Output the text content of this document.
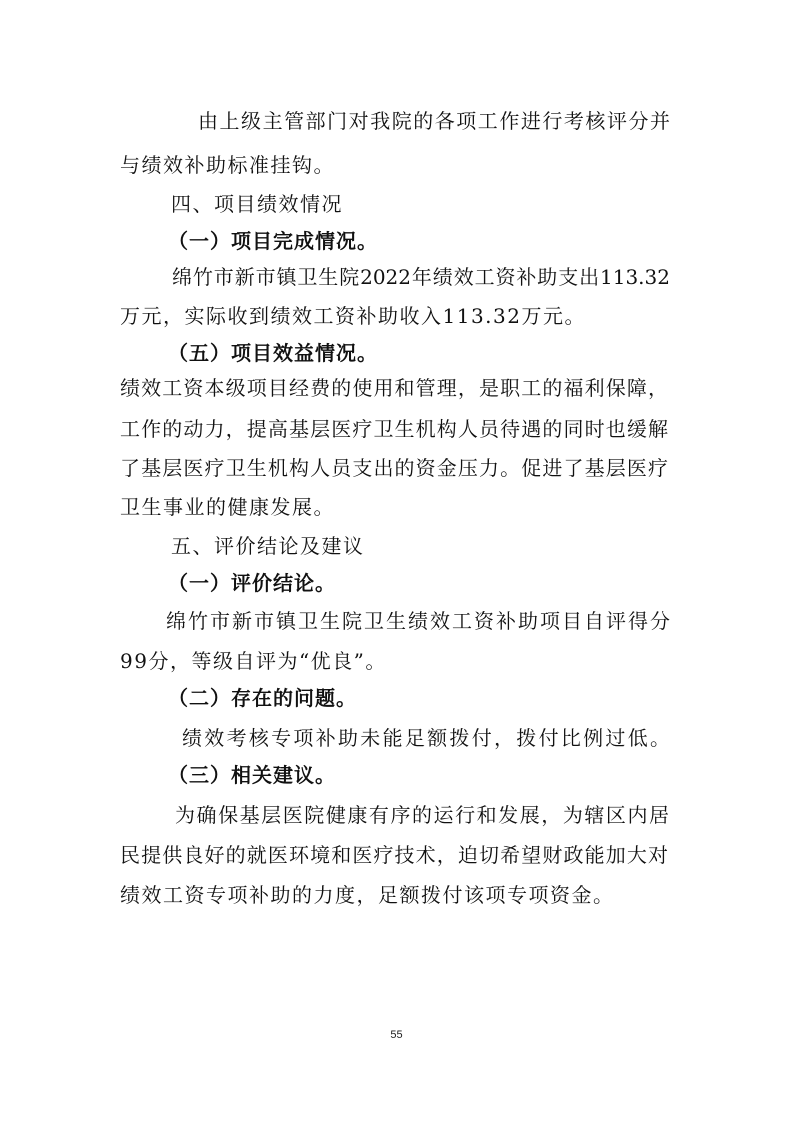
由上级主管部门对我院的各项工作进行考核评分并
与绩效补助标准挂钩。
四、项目绩效情况
（一）项目完成情况。
绵竹市新市镇卫生院2022年绩效工资补助支出113.32
万元，实际收到绩效工资补助收入113.32万元。
（五）项目效益情况。
绩效工资本级项目经费的使用和管理，是职工的福利保障，
工作的动力，提高基层医疗卫生机构人员待遇的同时也缓解
了基层医疗卫生机构人员支出的资金压力。促进了基层医疗
卫生事业的健康发展。
五、评价结论及建议
（一）评价结论。
绵竹市新市镇卫生院卫生绩效工资补助项目自评得分
99分，等级自评为“优良”。
（二）存在的问题。
绩效考核专项补助未能足额拨付，拨付比例过低。
（三）相关建议。
为确保基层医院健康有序的运行和发展，为辖区内居
民提供良好的就医环境和医疗技术，迫切希望财政能加大对
绩效工资专项补助的力度，足额拨付该项专项资金。
55
